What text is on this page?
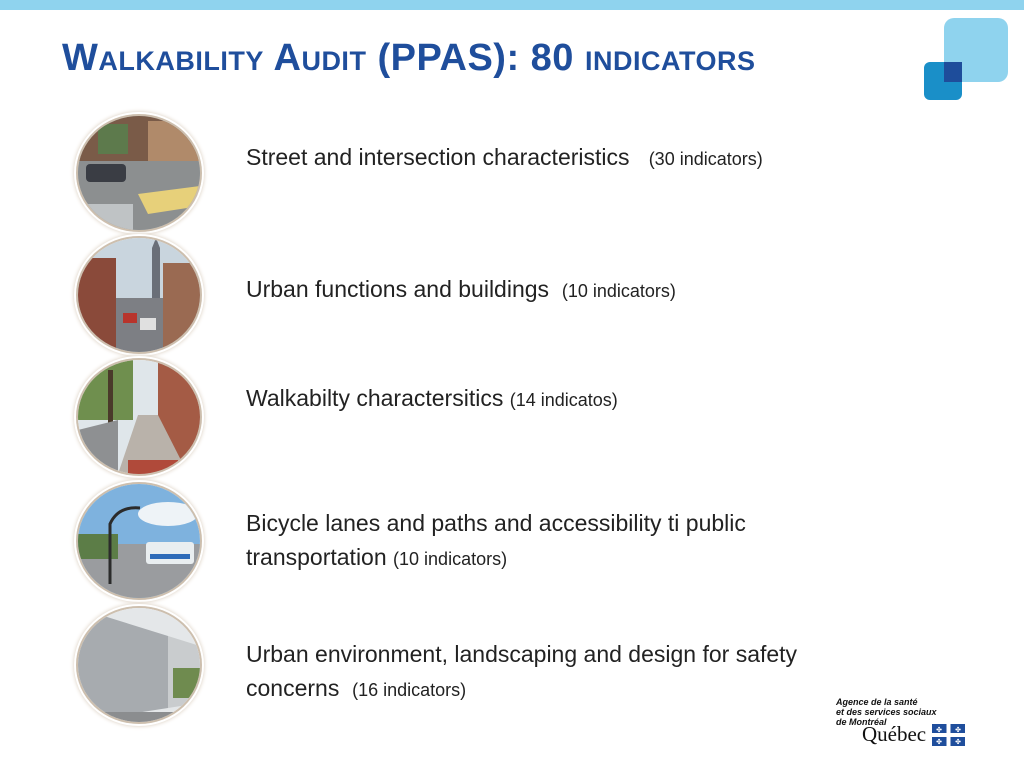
Walkability Audit (PPAS): 80 indicators
Street and intersection characteristics (30 indicators)
Urban functions and buildings (10 indicators)
Walkabilty charactersitics (14 indicatos)
Bicycle lanes and paths and accessibility ti public
transportation (10 indicators)
Urban environment, landscaping and design for safety
concerns (16 indicators)
Agence de la santé
et des services sociaux
de Montréal
Québec ✤ ✤
✤ ✤
